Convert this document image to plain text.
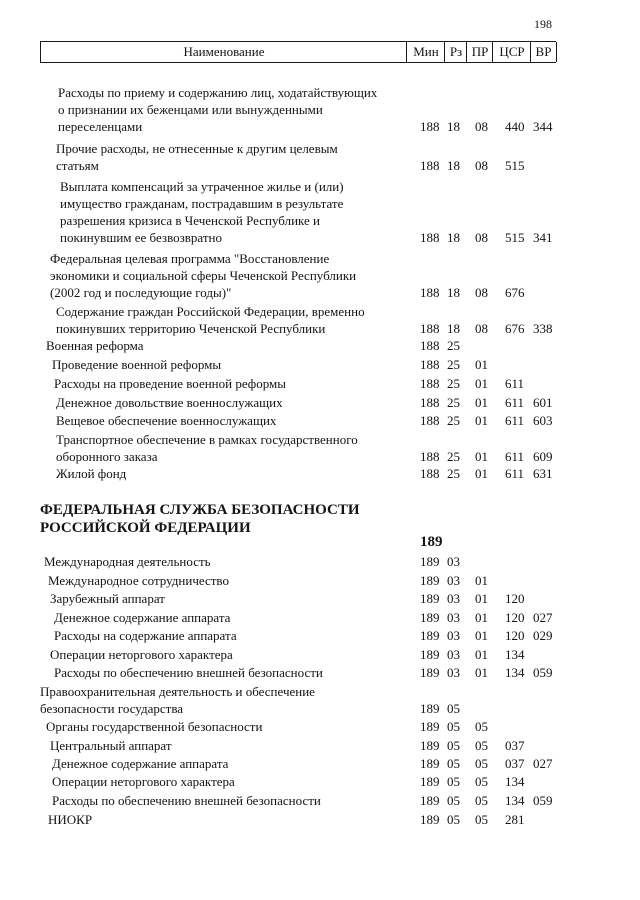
198
Наименование	Мин Рз ПР ЦСР ВР
Расходы по приему и содержанию лиц, ходатайствующих
о признании их беженцами или вынужденными
переселенцами	188 18 08 440 344
Прочие расходы, не отнесенные к другим целевым
статьям	188 18 08 515
Выплата компенсаций за утраченное жилье и (или)
имущество гражданам, пострадавшим в результате
разрешения кризиса в Чеченской Республике и
покинувшим ее безвозвратно	188 18 08 515 341
Федеральная целевая программа "Восстановление
экономики и социальной сферы Чеченской Республики
(2002 год и последующие годы)"	188 18 08 676
Содержание граждан Российской Федерации, временно
покинувших территорию Чеченской Республики	188 18 08 676 338
Военная реформа	188 25
Проведение военной реформы	188 25 01
Расходы на проведение военной реформы	188 25 01 611
Денежное довольствие военнослужащих	188 25 01 611 601
Вещевое обеспечение военнослужащих	188 25 01 611 603
Транспортное обеспечение в рамках государственного
оборонного заказа	188 25 01 611 609
Жилой фонд	188 25 01 611 631
ФЕДЕРАЛЬНАЯ СЛУЖБА БЕЗОПАСНОСТИ
РОССИЙСКОЙ ФЕДЕРАЦИИ
189
Международная деятельность	189 03
Международное сотрудничество	189 03 01
Зарубежный аппарат	189 03 01 120
Денежное содержание аппарата	189 03 01 120 027
Расходы на содержание аппарата	189 03 01 120 029
Операции неторгового характера	189 03 01 134
Расходы по обеспечению внешней безопасности	189 03 01 134 059
Правоохранительная деятельность и обеспечение
безопасности государства	189 05
Органы государственной безопасности	189 05 05
Центральный аппарат	189 05 05 037
Денежное содержание аппарата	189 05 05 037 027
Операции неторгового характера	189 05 05 134
Расходы по обеспечению внешней безопасности	189 05 05 134 059
НИОКР	189 05 05 281
